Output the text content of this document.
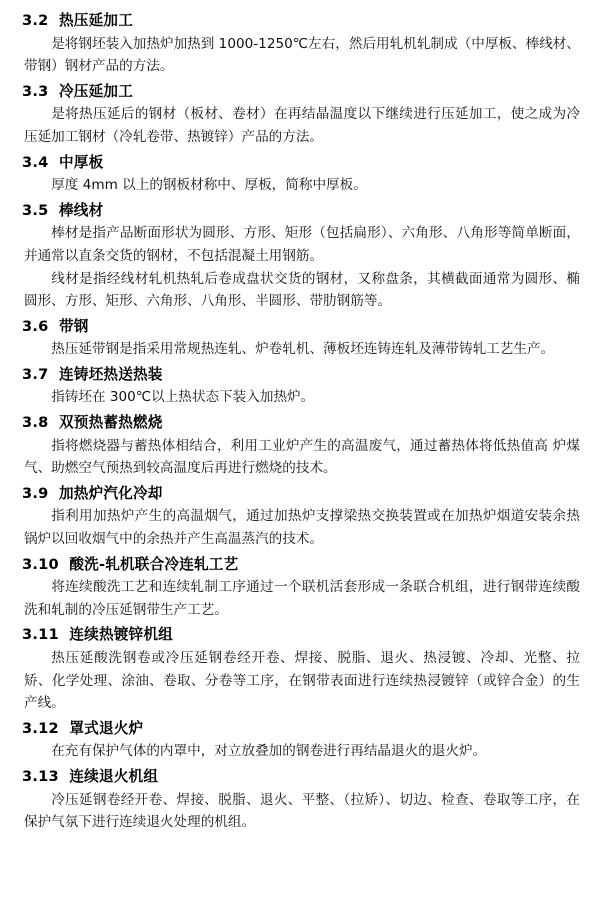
3.2 热压延加工

是将钢坯装入加热炉加热到 1000-1250℃左右，然后用轧机轧制成（中厚板、棒线材、带钢）钢材产品的方法。

3.3 冷压延加工

是将热压延后的钢材（板材、卷材）在再结晶温度以下继续进行压延加工，使之成为冷压延加工钢材（冷轧卷带、热镀锌）产品的方法。

3.4 中厚板

厚度 4mm 以上的钢板材称中、厚板，简称中厚板。

3.5 棒线材

棒材是指产品断面形状为圆形、方形、矩形（包括扁形）、六角形、八角形等简单断面，并通常以直条交货的钢材，不包括混凝土用钢筋。

线材是指经线材轧机热轧后卷成盘状交货的钢材，又称盘条，其横截面通常为圆形、椭圆形、方形、矩形、六角形、八角形、半圆形、带肋钢筋等。

3.6 带钢

热压延带钢是指采用常规热连轧、炉卷轧机、薄板坯连铸连轧及薄带铸轧工艺生产。

3.7 连铸坯热送热装

指铸坯在 300℃以上热状态下装入加热炉。

3.8 双预热蓄热燃烧

指将燃烧器与蓄热体相结合，利用工业炉产生的高温废气，通过蓄热体将低热值高 炉煤气、助燃空气预热到较高温度后再进行燃烧的技术。

3.9 加热炉汽化冷却

指利用加热炉产生的高温烟气，通过加热炉支撑梁热交换装置或在加热炉烟道安装余热锅炉以回收烟气中的余热并产生高温蒸汽的技术。

3.10 酸洗-轧机联合冷连轧工艺

将连续酸洗工艺和连续轧制工序通过一个联机活套形成一条联合机组，进行钢带连续酸洗和轧制的冷压延钢带生产工艺。

3.11 连续热镀锌机组

热压延酸洗钢卷或冷压延钢卷经开卷、焊接、脱脂、退火、热浸镀、冷却、光整、拉矫、化学处理、涂油、卷取、分卷等工序，在钢带表面进行连续热浸镀锌（或锌合金）的生产线。

3.12 罩式退火炉

在充有保护气体的内罩中，对立放叠加的钢卷进行再结晶退火的退火炉。

3.13 连续退火机组

冷压延钢卷经开卷、焊接、脱脂、退火、平整、（拉矫）、切边、检查、卷取等工序，在保护气氛下进行连续退火处理的机组。
